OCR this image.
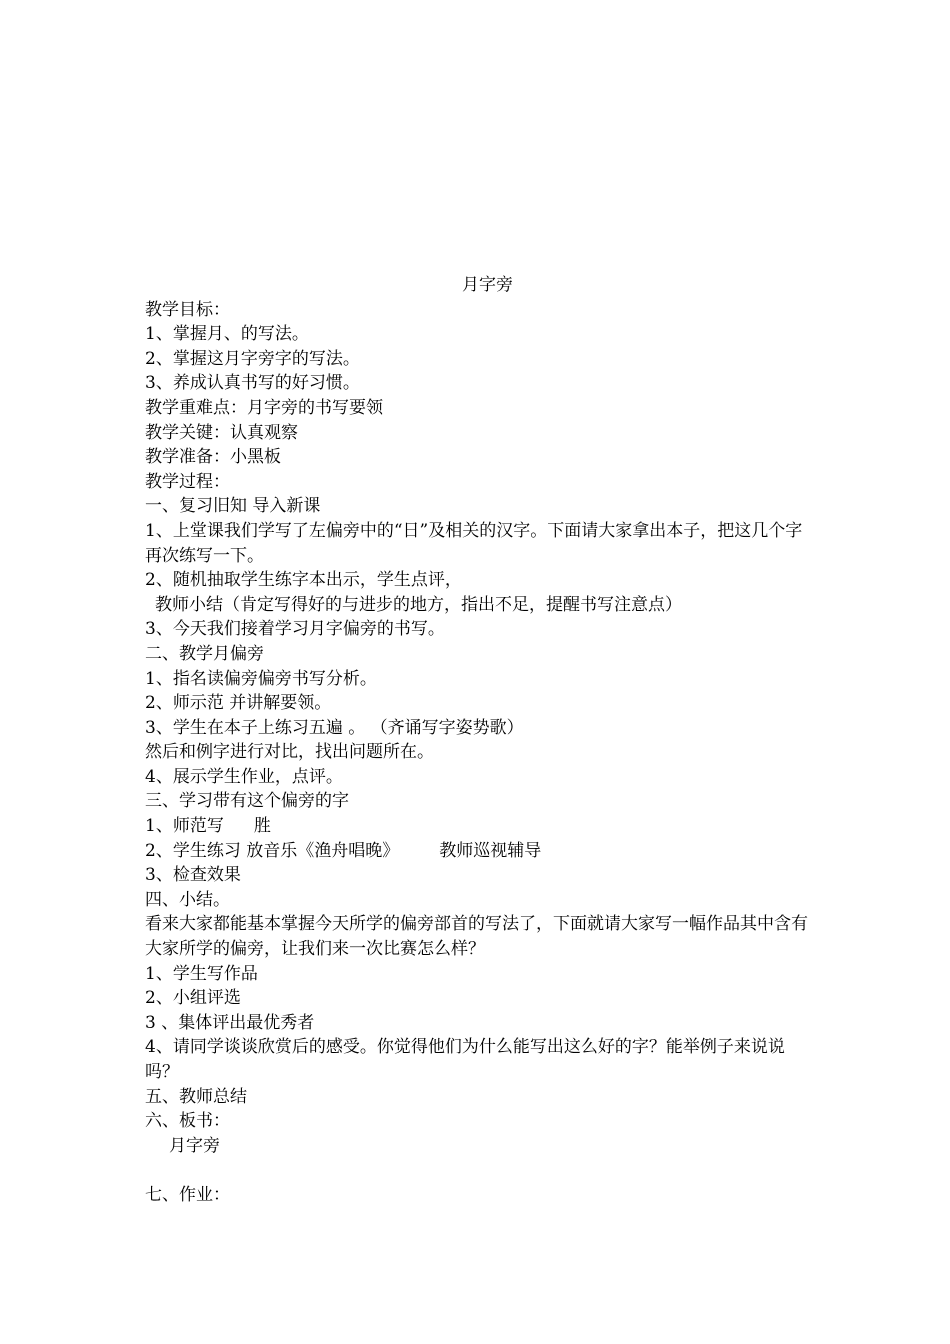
月字旁
教学目标：
1、掌握月、的写法。
2、掌握这月字旁字的写法。
3、养成认真书写的好习惯。
教学重难点：月字旁的书写要领
教学关键：认真观察
教学准备：小黑板
教学过程：
一、复习旧知 导入新课
1、上堂课我们学写了左偏旁中的“日”及相关的汉字。下面请大家拿出本子，把这几个字再次练写一下。
2、随机抽取学生练字本出示，学生点评，
教师小结（肯定写得好的与进步的地方，指出不足，提醒书写注意点）
3、今天我们接着学习月字偏旁的书写。
二、教学月偏旁
1、指名读偏旁偏旁书写分析。
2、师示范 并讲解要领。
3、学生在本子上练习五遍 。 （齐诵写字姿势歌）
然后和例字进行对比，找出问题所在。
4、展示学生作业，点评。
三、学习带有这个偏旁的字
1、师范写 胜
2、学生练习 放音乐《渔舟唱晚》 教师巡视辅导
3、检查效果
四、小结。
看来大家都能基本掌握今天所学的偏旁部首的写法了，下面就请大家写一幅作品其中含有大家所学的偏旁，让我们来一次比赛怎么样？
1、学生写作品
2、小组评选
3 、集体评出最优秀者
4、请同学谈谈欣赏后的感受。你觉得他们为什么能写出这么好的字？能举例子来说说吗？
五、教师总结
六、板书：
月字旁
七、作业：
